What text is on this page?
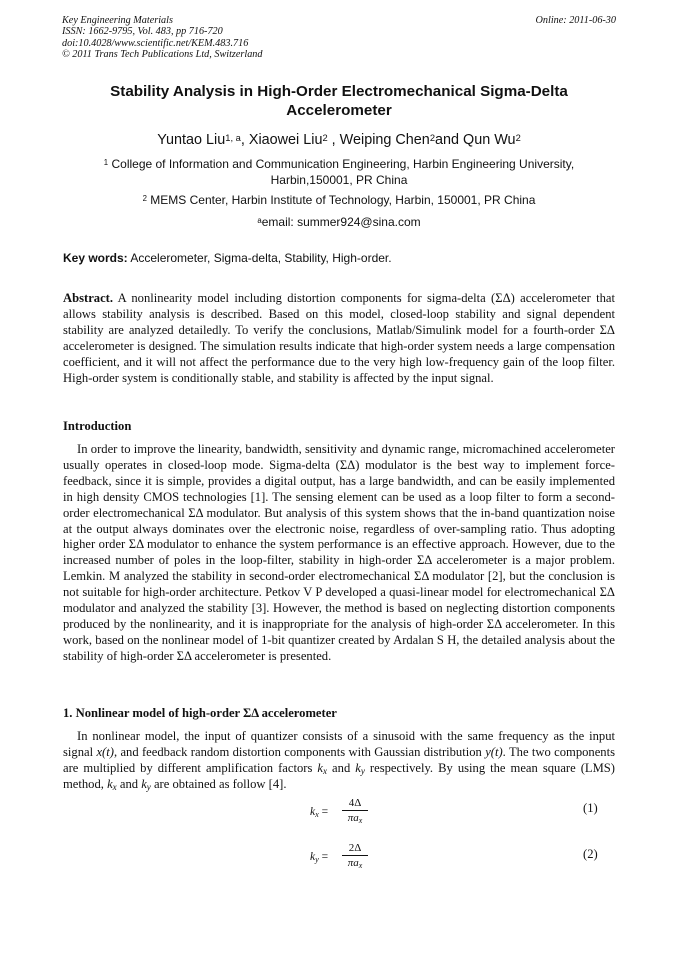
Key Engineering Materials
ISSN: 1662-9795, Vol. 483, pp 716-720
doi:10.4028/www.scientific.net/KEM.483.716
© 2011 Trans Tech Publications Ltd, Switzerland
Online: 2011-06-30
Stability Analysis in High-Order Electromechanical Sigma-Delta
Accelerometer
Yuntao Liu$^{1, a}$, Xiaowei Liu$^2$ , Weiping Chen$^2$and Qun Wu$^2$
$^1$ College of Information and Communication Engineering, Harbin Engineering University,
Harbin,150001, PR China
$^2$ MEMS Center, Harbin Institute of Technology, Harbin, 150001, PR China
$^a$email: summer924@sina.com
Key words: Accelerometer, Sigma-delta, Stability, High-order.
Abstract. A nonlinearity model including distortion components for sigma-delta (ΣΔ) accelerometer that allows stability analysis is described. Based on this model, closed-loop stability and signal dependent stability are analyzed detailedly. To verify the conclusions, Matlab/Simulink model for a fourth-order ΣΔ accelerometer is designed. The simulation results indicate that high-order system needs a large compensation coefficient, and it will not affect the performance due to the very high low-frequency gain of the loop filter. High-order system is conditionally stable, and stability is affected by the input signal.
Introduction
In order to improve the linearity, bandwidth, sensitivity and dynamic range, micromachined accelerometer usually operates in closed-loop mode. Sigma-delta (ΣΔ) modulator is the best way to implement force-feedback, since it is simple, provides a digital output, has a large bandwidth, and can be easily implemented in high density CMOS technologies [1]. The sensing element can be used as a loop filter to form a second-order electromechanical ΣΔ modulator. But analysis of this system shows that the in-band quantization noise at the output always dominates over the electronic noise, regardless of over-sampling ratio. Thus adopting higher order ΣΔ modulator to enhance the system performance is an effective approach. However, due to the increased number of poles in the loop-filter, stability in high-order ΣΔ accelerometer is a major problem. Lemkin. M analyzed the stability in second-order electromechanical ΣΔ modulator [2], but the conclusion is not suitable for high-order architecture. Petkov V P developed a quasi-linear model for electromechanical ΣΔ modulator and analyzed the stability [3]. However, the method is based on neglecting distortion components produced by the nonlinearity, and it is inappropriate for the analysis of high-order ΣΔ accelerometer. In this work, based on the nonlinear model of 1-bit quantizer created by Ardalan S H, the detailed analysis about the stability of high-order ΣΔ accelerometer is presented.
1. Nonlinear model of high-order ΣΔ accelerometer
In nonlinear model, the input of quantizer consists of a sinusoid with the same frequency as the input signal x(t), and feedback random distortion components with Gaussian distribution y(t). The two components are multiplied by different amplification factors $k_x$ and $k_y$ respectively. By using the mean square (LMS) method, $k_x$ and $k_y$ are obtained as follow [4].
$k_x$ =
4Δ
$\pi a_x$
(1)
$k_y$ =
2Δ
$\pi a_x$
(2)
